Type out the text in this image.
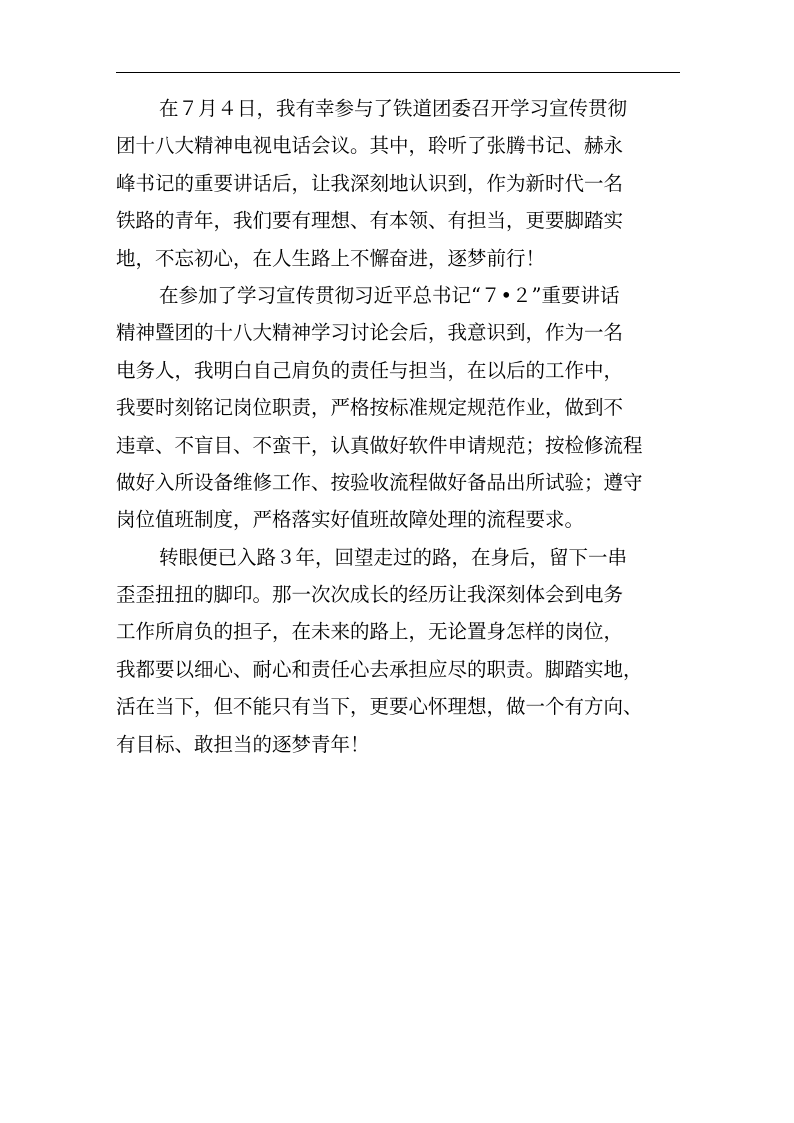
在７月４日，我有幸参与了铁道团委召开学习宣传贯彻
团十八大精神电视电话会议。其中，聆听了张腾书记、赫永
峰书记的重要讲话后，让我深刻地认识到，作为新时代一名
铁路的青年，我们要有理想、有本领、有担当，更要脚踏实
地，不忘初心，在人生路上不懈奋进，逐梦前行！
在参加了学习宣传贯彻习近平总书记“７•２”重要讲话
精神暨团的十八大精神学习讨论会后，我意识到，作为一名
电务人，我明白自己肩负的责任与担当，在以后的工作中，
我要时刻铭记岗位职责，严格按标准规定规范作业，做到不
违章、不盲目、不蛮干，认真做好软件申请规范；按检修流程
做好入所设备维修工作、按验收流程做好备品出所试验；遵守
岗位值班制度，严格落实好值班故障处理的流程要求。
转眼便已入路３年，回望走过的路，在身后，留下一串
歪歪扭扭的脚印。那一次次成长的经历让我深刻体会到电务
工作所肩负的担子，在未来的路上，无论置身怎样的岗位，
我都要以细心、耐心和责任心去承担应尽的职责。脚踏实地，
活在当下，但不能只有当下，更要心怀理想，做一个有方向、
有目标、敢担当的逐梦青年！
